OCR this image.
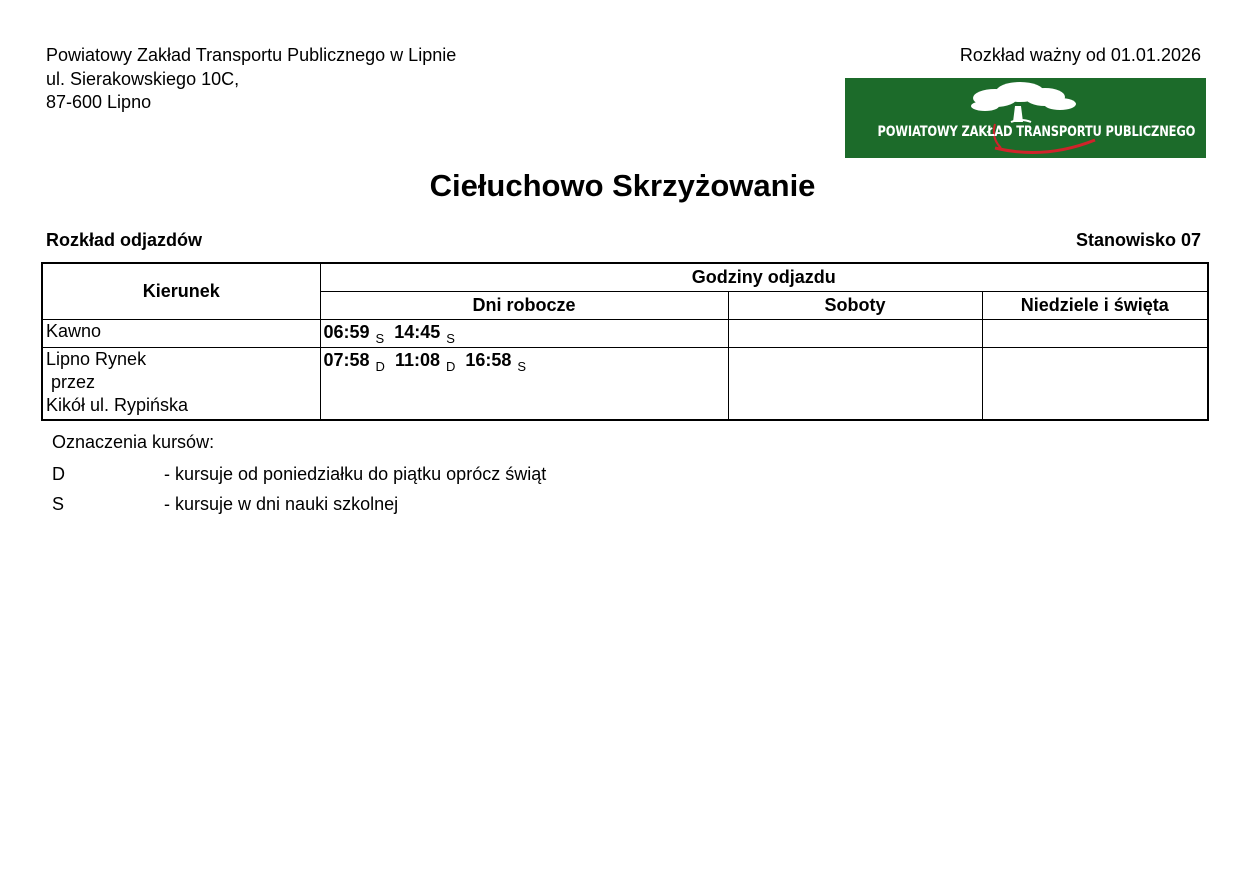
Powiatowy Zakład Transportu Publicznego w Lipnie
ul. Sierakowskiego 10C,
87-600 Lipno
Rozkład ważny od 01.01.2026
POWIATOWY ZAKŁAD TRANSPORTU PUBLICZNEGO
Ciełuchowo Skrzyżowanie
Rozkład odjazdów	Stanowisko 07
Kierunek	Godziny odjazdu		
	Dni robocze	Soboty	Niedziele i święta

Kawno	06:59 $_S$ 14:45 $_S$		

Lipno Rynek
przez
Kikół ul. Rypińska	07:58 $_D$ 11:08 $_D$ 16:58 $_S$		
Oznaczenia kursów:
D	- kursuje od poniedziałku do piątku oprócz świąt
S	- kursuje w dni nauki szkolnej
